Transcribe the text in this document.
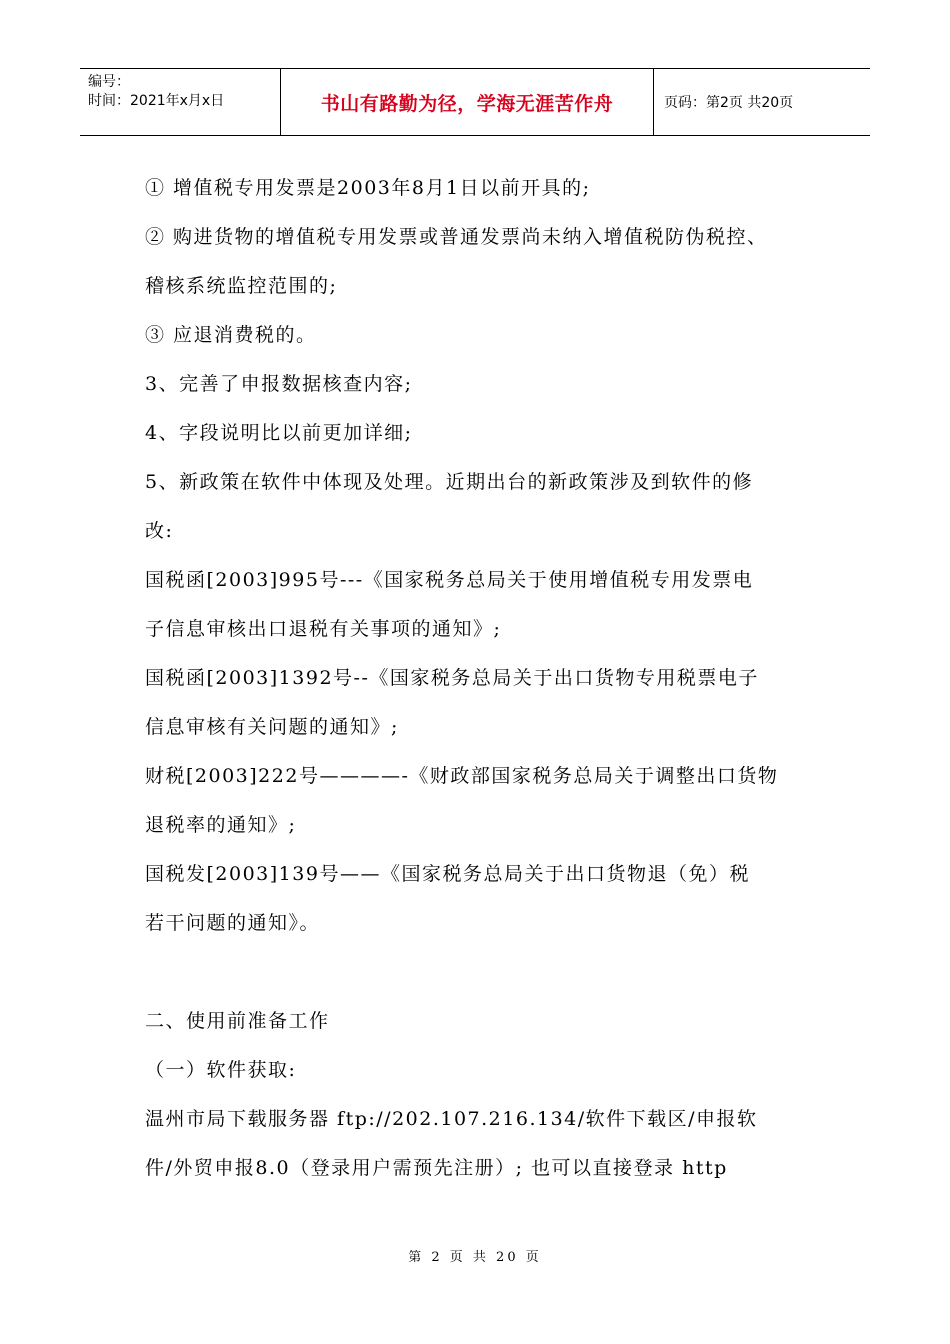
编号：
时间：2021年x月x日	书山有路勤为径，学海无涯苦作舟	页码：第2页 共20页
① 增值税专用发票是2003年8月1日以前开具的;
② 购进货物的增值税专用发票或普通发票尚未纳入增值税防伪税控、
稽核系统监控范围的;
③ 应退消费税的。
3、完善了申报数据核查内容;
4、字段说明比以前更加详细;
5、新政策在软件中体现及处理。近期出台的新政策涉及到软件的修
改:
国税函[2003]995号---《国家税务总局关于使用增值税专用发票电
子信息审核出口退税有关事项的通知》;
国税函[2003]1392号--《国家税务总局关于出口货物专用税票电子
信息审核有关问题的通知》;
财税[2003]222号————-《财政部国家税务总局关于调整出口货物
退税率的通知》;
国税发[2003]139号——《国家税务总局关于出口货物退（免）税
若干问题的通知》。
二、使用前准备工作
（一）软件获取:
温州市局下载服务器 ftp://202.107.216.134/软件下载区/申报软
件/外贸申报8.0（登录用户需预先注册）; 也可以直接登录 http
第 2 页 共 20 页
